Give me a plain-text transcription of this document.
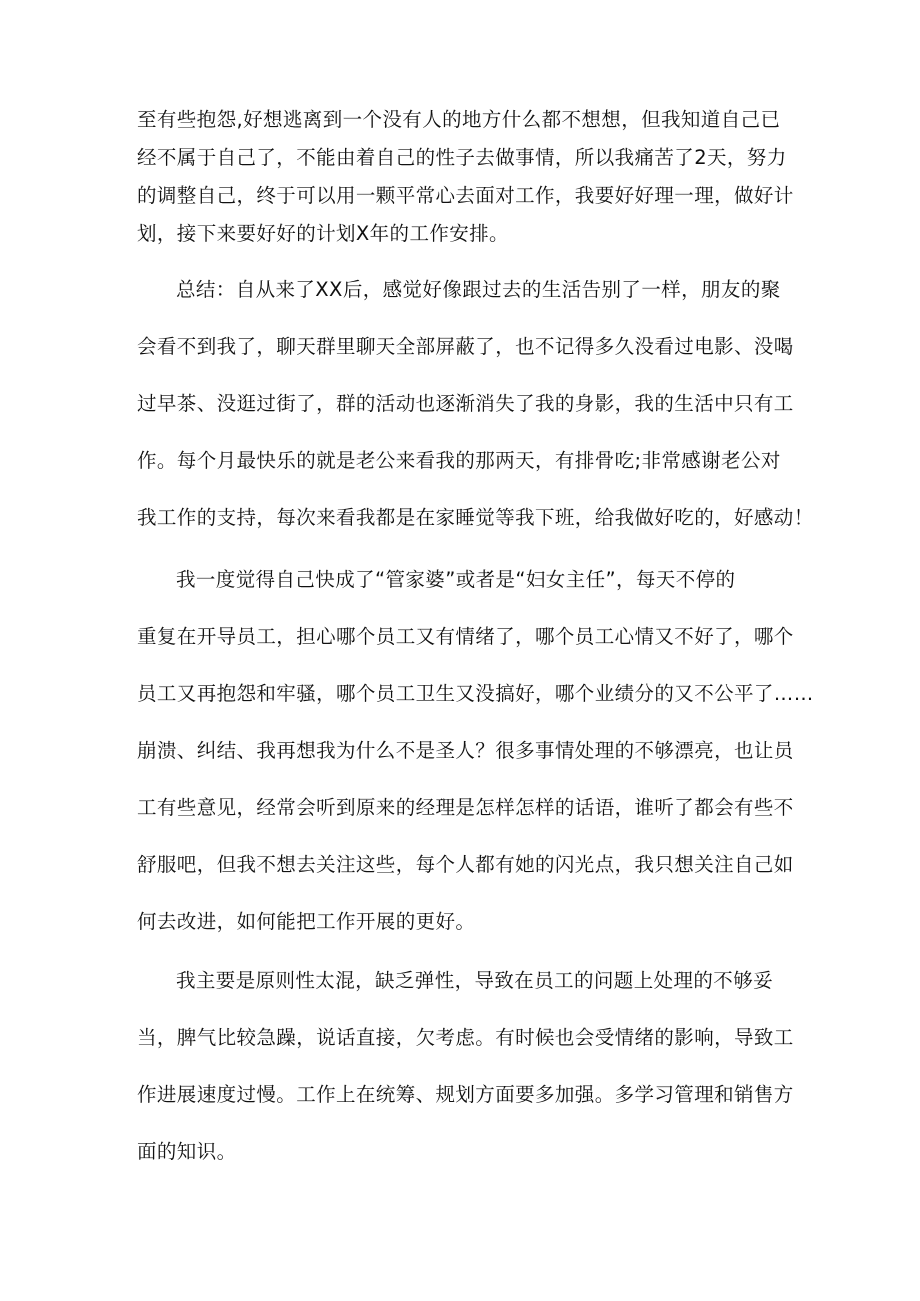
至有些抱怨,好想逃离到一个没有人的地方什么都不想想，但我知道自己已
经不属于自己了，不能由着自己的性子去做事情，所以我痛苦了2天，努力
的调整自己，终于可以用一颗平常心去面对工作，我要好好理一理，做好计
划，接下来要好好的计划X年的工作安排。
总结：自从来了XX后，感觉好像跟过去的生活告别了一样，朋友的聚
会看不到我了，聊天群里聊天全部屏蔽了，也不记得多久没看过电影、没喝
过早茶、没逛过街了，群的活动也逐渐消失了我的身影，我的生活中只有工
作。每个月最快乐的就是老公来看我的那两天，有排骨吃;非常感谢老公对
我工作的支持，每次来看我都是在家睡觉等我下班，给我做好吃的，好感动！
我一度觉得自己快成了“管家婆”或者是“妇女主任”，每天不停的
重复在开导员工，担心哪个员工又有情绪了，哪个员工心情又不好了，哪个
员工又再抱怨和牢骚，哪个员工卫生又没搞好，哪个业绩分的又不公平了……
崩溃、纠结、我再想我为什么不是圣人？很多事情处理的不够漂亮，也让员
工有些意见，经常会听到原来的经理是怎样怎样的话语，谁听了都会有些不
舒服吧，但我不想去关注这些，每个人都有她的闪光点，我只想关注自己如
何去改进，如何能把工作开展的更好。
我主要是原则性太混，缺乏弹性，导致在员工的问题上处理的不够妥
当，脾气比较急躁，说话直接，欠考虑。有时候也会受情绪的影响，导致工
作进展速度过慢。工作上在统筹、规划方面要多加强。多学习管理和销售方
面的知识。
